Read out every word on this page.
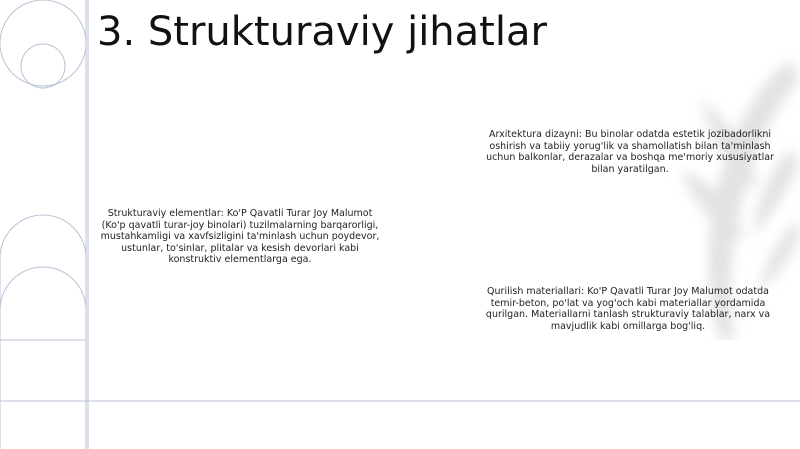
3. Strukturaviy jihatlar
Strukturaviy elementlar: Ko'P Qavatli Turar Joy Malumot (Ko'p qavatli turar-joy binolari) tuzilmalarning barqarorligi, mustahkamligi va xavfsizligini ta'minlash uchun poydevor, ustunlar, to'sinlar, plitalar va kesish devorlari kabi konstruktiv elementlarga ega.
Arxitektura dizayni: Bu binolar odatda estetik jozibadorlikni oshirish va tabiiy yorug'lik va shamollatish bilan ta'minlash uchun balkonlar, derazalar va boshqa me'moriy xususiyatlar bilan yaratilgan.
Qurilish materiallari: Ko'P Qavatli Turar Joy Malumot odatda temir-beton, po'lat va yog'och kabi materiallar yordamida qurilgan. Materiallarni tanlash strukturaviy talablar, narx va mavjudlik kabi omillarga bog'liq.
